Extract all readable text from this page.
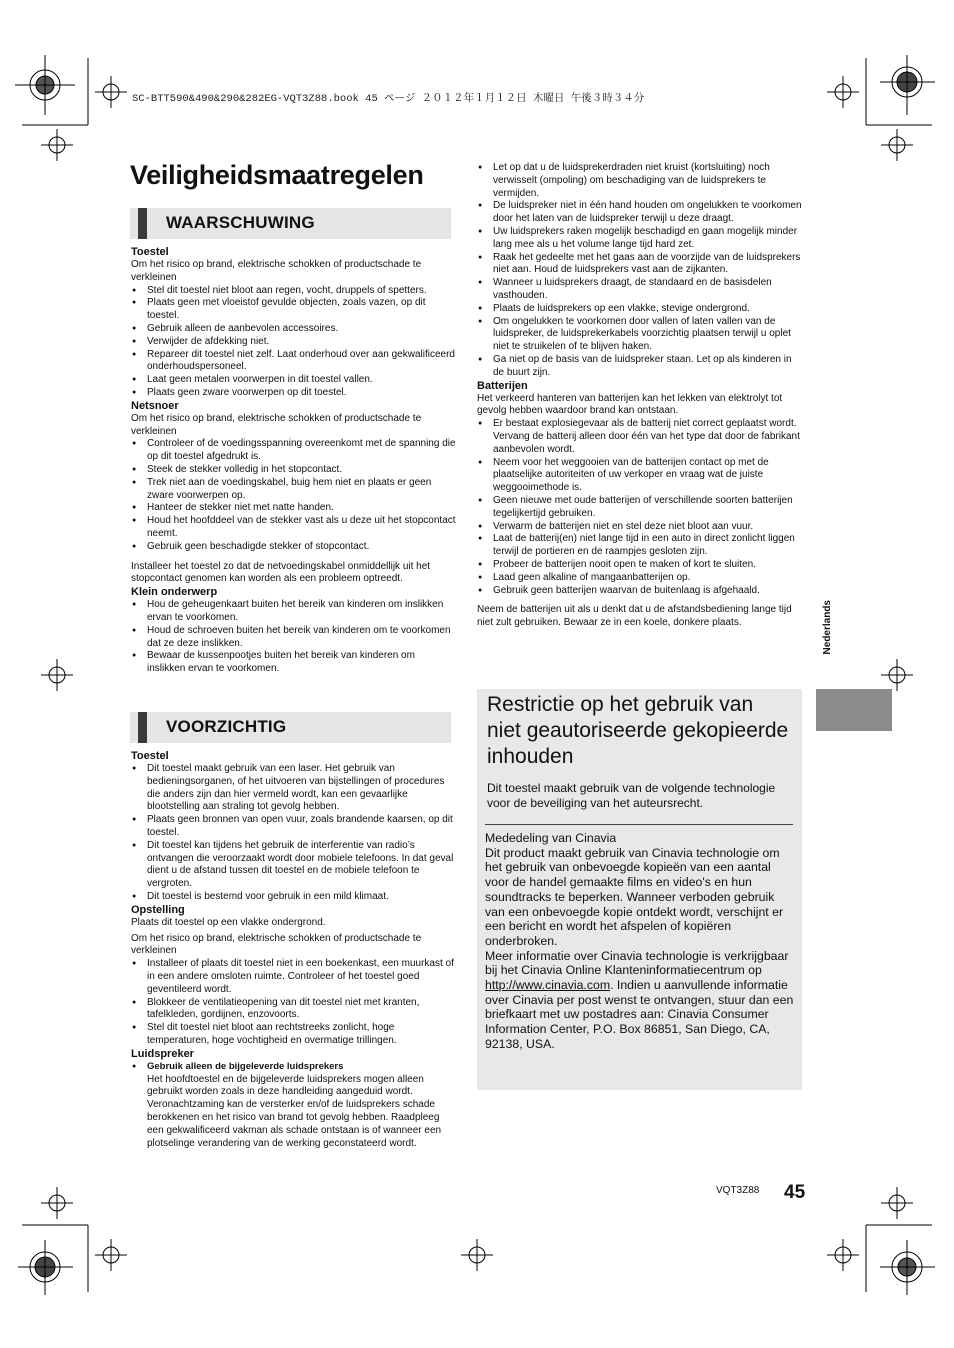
SC-BTT590&490&290&282EG-VQT3Z88.book 45 ページ ２０１２年１月１２日 木曜日 午後３時３４分
Veiligheidsmaatregelen
WAARSCHUWING

Toestel

Om het risico op brand, elektrische schokken of productschade te verkleinen

● Stel dit toestel niet bloot aan regen, vocht, druppels of spetters.
● Plaats geen met vloeistof gevulde objecten, zoals vazen, op dit toestel.
● Gebruik alleen de aanbevolen accessoires.
● Verwijder de afdekking niet.
● Repareer dit toestel niet zelf. Laat onderhoud over aan gekwalificeerd onderhoudspersoneel.
● Laat geen metalen voorwerpen in dit toestel vallen.
● Plaats geen zware voorwerpen op dit toestel.

Netsnoer

Om het risico op brand, elektrische schokken of productschade te verkleinen

● Controleer of de voedingsspanning overeenkomt met de spanning die op dit toestel afgedrukt is.
● Steek de stekker volledig in het stopcontact.
● Trek niet aan de voedingskabel, buig hem niet en plaats er geen zware voorwerpen op.
● Hanteer de stekker niet met natte handen.
● Houd het hoofddeel van de stekker vast als u deze uit het stopcontact neemt.
● Gebruik geen beschadigde stekker of stopcontact.

Installeer het toestel zo dat de netvoedingskabel onmiddellijk uit het stopcontact genomen kan worden als een probleem optreedt.

Klein onderwerp

● Hou de geheugenkaart buiten het bereik van kinderen om inslikken ervan te voorkomen.
● Houd de schroeven buiten het bereik van kinderen om te voorkomen dat ze deze inslikken.
● Bewaar de kussenpootjes buiten het bereik van kinderen om inslikken ervan te voorkomen.
VOORZICHTIG

Toestel

● Dit toestel maakt gebruik van een laser. Het gebruik van bedieningsorganen, of het uitvoeren van bijstellingen of procedures die anders zijn dan hier vermeld wordt, kan een gevaarlijke blootstelling aan straling tot gevolg hebben.
● Plaats geen bronnen van open vuur, zoals brandende kaarsen, op dit toestel.
● Dit toestel kan tijdens het gebruik de interferentie van radio’s ontvangen die veroorzaakt wordt door mobiele telefoons. In dat geval dient u de afstand tussen dit toestel en de mobiele telefoon te vergroten.
● Dit toestel is bestemd voor gebruik in een mild klimaat.

Opstelling

Plaats dit toestel op een vlakke ondergrond.

Om het risico op brand, elektrische schokken of productschade te verkleinen

● Installeer of plaats dit toestel niet in een boekenkast, een muurkast of in een andere omsloten ruimte. Controleer of het toestel goed geventileerd wordt.
● Blokkeer de ventilatieopening van dit toestel niet met kranten, tafelkleden, gordijnen, enzovoorts.
● Stel dit toestel niet bloot aan rechtstreeks zonlicht, hoge temperaturen, hoge vochtigheid en overmatige trillingen.

Luidspreker

● Gebruik alleen de bijgeleverde luidsprekers
Het hoofdtoestel en de bijgeleverde luidsprekers mogen alleen gebruikt worden zoals in deze handleiding aangeduid wordt. Veronachtzaming kan de versterker en/of de luidsprekers schade berokkenen en het risico van brand tot gevolg hebben. Raadpleeg een gekwalificeerd vakman als schade ontstaan is of wanneer een plotselinge verandering van de werking geconstateerd wordt.
● Let op dat u de luidsprekerdraden niet kruist (kortsluiting) noch verwisselt (ompoling) om beschadiging van de luidsprekers te vermijden.
● De luidspreker niet in één hand houden om ongelukken te voorkomen door het laten van de luidspreker terwijl u deze draagt.
● Uw luidsprekers raken mogelijk beschadigd en gaan mogelijk minder lang mee als u het volume lange tijd hard zet.
● Raak het gedeelte met het gaas aan de voorzijde van de luidsprekers niet aan. Houd de luidsprekers vast aan de zijkanten.
● Wanneer u luidsprekers draagt, de standaard en de basisdelen vasthouden.
● Plaats de luidsprekers op een vlakke, stevige ondergrond.
● Om ongelukken te voorkomen door vallen of laten vallen van de luidspreker, de luidsprekerkabels voorzichtig plaatsen terwijl u oplet niet te struikelen of te blijven haken.
● Ga niet op de basis van de luidspreker staan. Let op als kinderen in de buurt zijn.

Batterijen

Het verkeerd hanteren van batterijen kan het lekken van elektrolyt tot gevolg hebben waardoor brand kan ontstaan.

● Er bestaat explosiegevaar als de batterij niet correct geplaatst wordt. Vervang de batterij alleen door één van het type dat door de fabrikant aanbevolen wordt.
● Neem voor het weggooien van de batterijen contact op met de plaatselijke autoriteiten of uw verkoper en vraag wat de juiste weggooimethode is.
● Geen nieuwe met oude batterijen of verschillende soorten batterijen tegelijkertijd gebruiken.
● Verwarm de batterijen niet en stel deze niet bloot aan vuur.
● Laat de batterij(en) niet lange tijd in een auto in direct zonlicht liggen terwijl de portieren en de raampjes gesloten zijn.
● Probeer de batterijen nooit open te maken of kort te sluiten.
● Laad geen alkaline of mangaanbatterijen op.
● Gebruik geen batterijen waarvan de buitenlaag is afgehaald.

Neem de batterijen uit als u denkt dat u de afstandsbediening lange tijd niet zult gebruiken. Bewaar ze in een koele, donkere plaats.

Restrictie op het gebruik van niet geautoriseerde gekopieerde inhouden
Dit toestel maakt gebruik van de volgende technologie voor de beveiliging van het auteursrecht.
Mededeling van Cinavia
Dit product maakt gebruik van Cinavia technologie om het gebruik van onbevoegde kopieën van een aantal voor de handel gemaakte films en video's en hun soundtracks te beperken. Wanneer verboden gebruik van een onbevoegde kopie ontdekt wordt, verschijnt er een bericht en wordt het afspelen of kopiëren onderbroken.
Meer informatie over Cinavia technologie is verkrijgbaar bij het Cinavia Online Klanteninformatiecentrum op
http://www.cinavia.com. Indien u aanvullende informatie over Cinavia per post wenst te ontvangen, stuur dan een briefkaart met uw postadres aan: Cinavia Consumer Information Center, P.O. Box 86851, San Diego, CA, 92138, USA.
Nederlands
VQT3Z88 45
